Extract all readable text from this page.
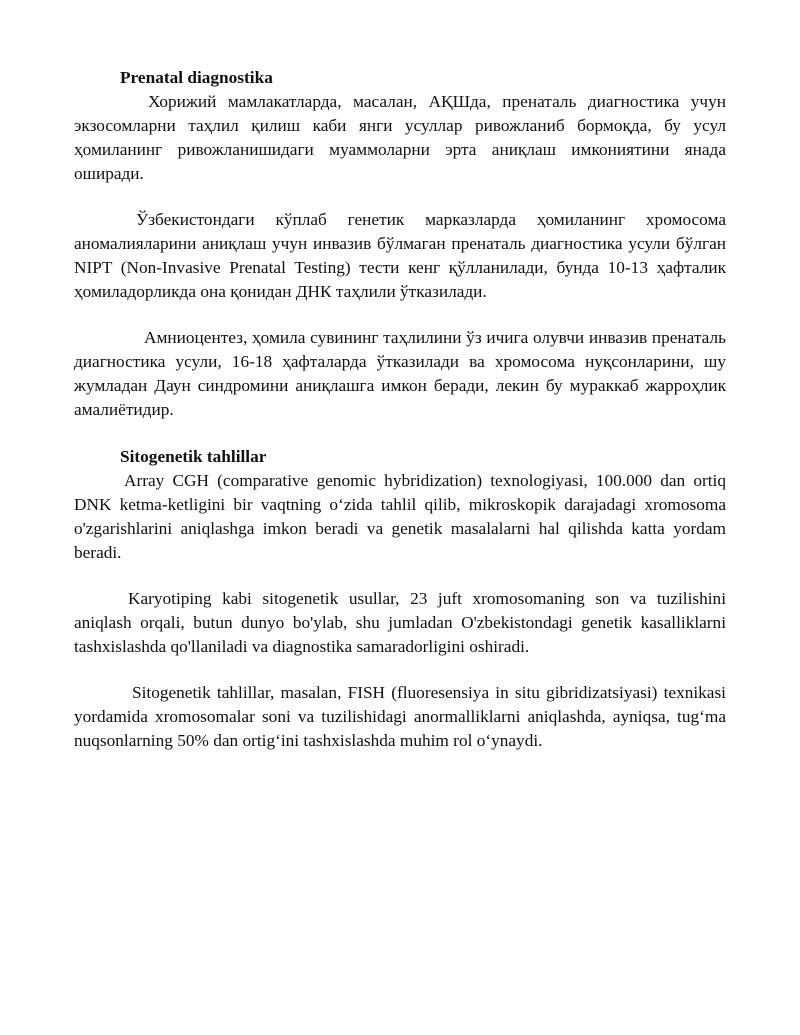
Prenatal diagnostika

Хорижий мамлакатларда, масалан, АҚШда, пренаталь диагностика учун экзосомларни таҳлил қилиш каби янги усуллар ривожланиб бормоқда, бу усул ҳомиланинг ривожланишидаги муаммоларни эрта аниқлаш имкониятини янада оширади.

Ўзбекистондаги кўплаб генетик марказларда ҳомиланинг хромосома аномалияларини аниқлаш учун инвазив бўлмаган пренаталь диагностика усули бўлган NIPT (Non-Invasive Prenatal Testing) тести кенг қўлланилади, бунда 10-13 ҳафталик ҳомиладорликда она қонидан ДНК таҳлили ўтказилади.

Амниоцентез, ҳомила сувининг таҳлилини ўз ичига олувчи инвазив пренаталь диагностика усули, 16-18 ҳафталарда ўтказилади ва хромосома нуқсонларини, шу жумладан Даун синдромини аниқлашга имкон беради, лекин бу мураккаб жарроҳлик амалиётидир.

Sitogenetik tahlillar

Array CGH (comparative genomic hybridization) texnologiyasi, 100.000 dan ortiq DNK ketma-ketligini bir vaqtning o‘zida tahlil qilib, mikroskopik darajadagi xromosoma o'zgarishlarini aniqlashga imkon beradi va genetik masalalarni hal qilishda katta yordam beradi.

Karyotiping kabi sitogenetik usullar, 23 juft xromosomaning son va tuzilishini aniqlash orqali, butun dunyo bo'ylab, shu jumladan O'zbekistondagi genetik kasalliklarni tashxislashda qo'llaniladi va diagnostika samaradorligini oshiradi.

Sitogenetik tahlillar, masalan, FISH (fluoresensiya in situ gibridizatsiyasi) texnikasi yordamida xromosomalar soni va tuzilishidagi anormalliklarni aniqlashda, ayniqsa, tug‘ma nuqsonlarning 50% dan ortig‘ini tashxislashda muhim rol o‘ynaydi.
